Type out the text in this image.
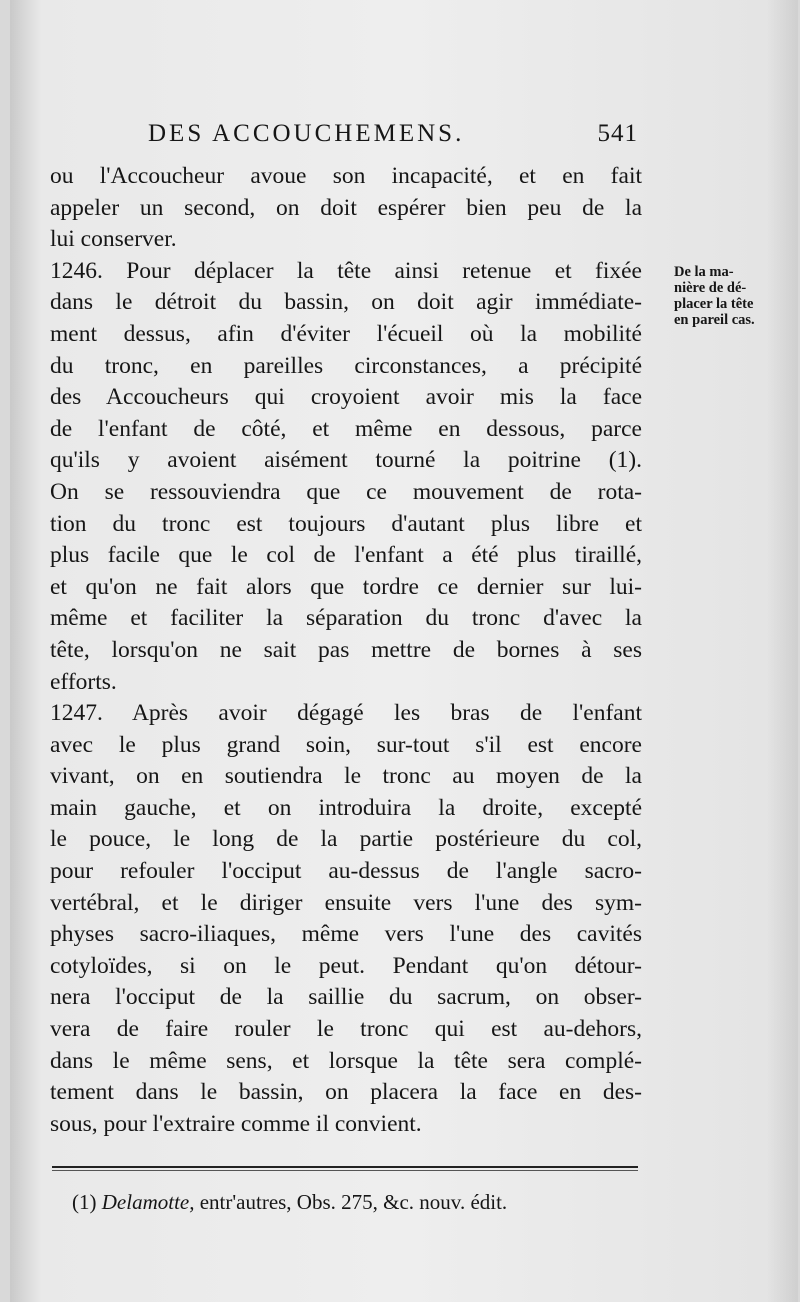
DES ACCOUCHEMENS.	541
ou l'Accoucheur avoue son incapacité, et en fait
appeler un second, on doit espérer bien peu de la
lui conserver.
1246. Pour déplacer la tête ainsi retenue et fixée
dans le détroit du bassin, on doit agir immédiate-
ment dessus, afin d'éviter l'écueil où la mobilité
du tronc, en pareilles circonstances, a précipité
des Accoucheurs qui croyoient avoir mis la face
de l'enfant de côté, et même en dessous, parce
qu'ils y avoient aisément tourné la poitrine (1).
On se ressouviendra que ce mouvement de rota-
tion du tronc est toujours d'autant plus libre et
plus facile que le col de l'enfant a été plus tiraillé,
et qu'on ne fait alors que tordre ce dernier sur lui-
même et faciliter la séparation du tronc d'avec la
tête, lorsqu'on ne sait pas mettre de bornes à ses
efforts.
1247. Après avoir dégagé les bras de l'enfant
avec le plus grand soin, sur-tout s'il est encore
vivant, on en soutiendra le tronc au moyen de la
main gauche, et on introduira la droite, excepté
le pouce, le long de la partie postérieure du col,
pour refouler l'occiput au-dessus de l'angle sacro-
vertébral, et le diriger ensuite vers l'une des sym-
physes sacro-iliaques, même vers l'une des cavités
cotyloïdes, si on le peut. Pendant qu'on détour-
nera l'occiput de la saillie du sacrum, on obser-
vera de faire rouler le tronc qui est au-dehors,
dans le même sens, et lorsque la tête sera complé-
tement dans le bassin, on placera la face en des-
sous, pour l'extraire comme il convient.
De la ma-
nière de dé-
placer la tête
en pareil cas.
(1) Delamotte, entr'autres, Obs. 275, &c. nouv. édit.
